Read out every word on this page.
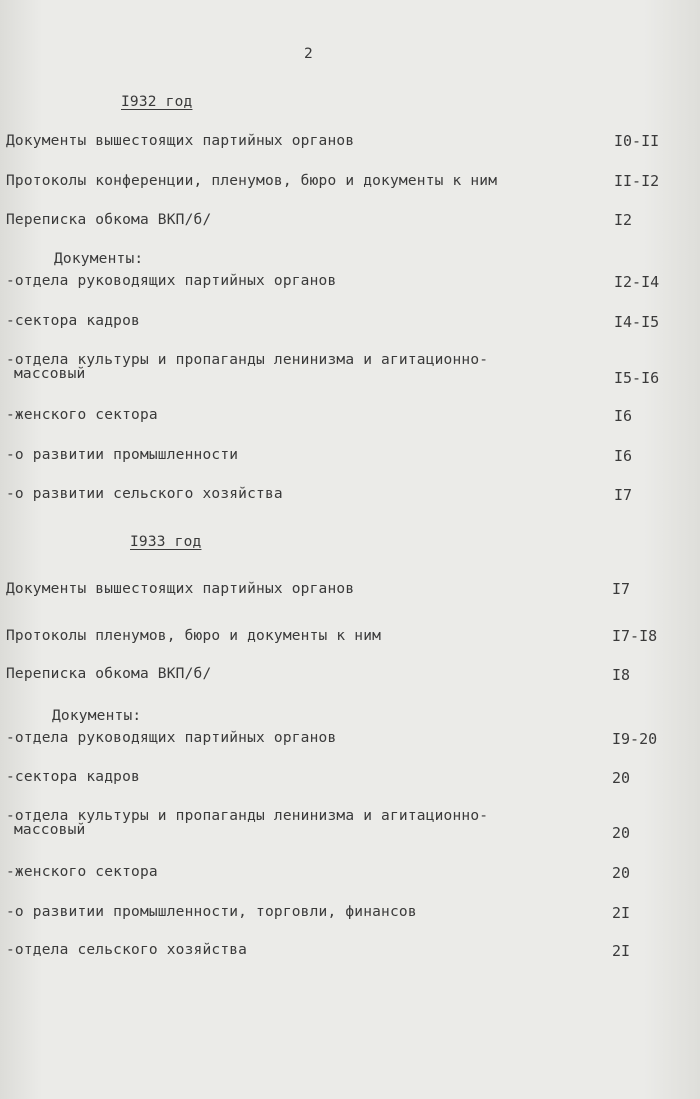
2
I932 год
Документы вышестоящих партийных органов	I0-II
Протоколы конференции, пленумов, бюро и документы к ним	II-I2
Переписка обкома ВКП/б/	I2
Документы:
-отдела руководящих партийных органов	I2-I4
-сектора кадров	I4-I5
-отдела культуры и пропаганды ленинизма и агитационно-
массовый	I5-I6
-женского сектора	I6
-о развитии промышленности	I6
-о развитии сельского хозяйства	I7
I933 год
Документы вышестоящих партийных органов	I7
Протоколы пленумов, бюро и документы к ним	I7-I8
Переписка обкома ВКП/б/	I8
Документы:
-отдела руководящих партийных органов	I9-20
-сектора кадров	20
-отдела культуры и пропаганды ленинизма и агитационно-
массовый	20
-женского сектора	20
-о развитии промышленности, торговли, финансов	2I
-отдела сельского хозяйства	2I
